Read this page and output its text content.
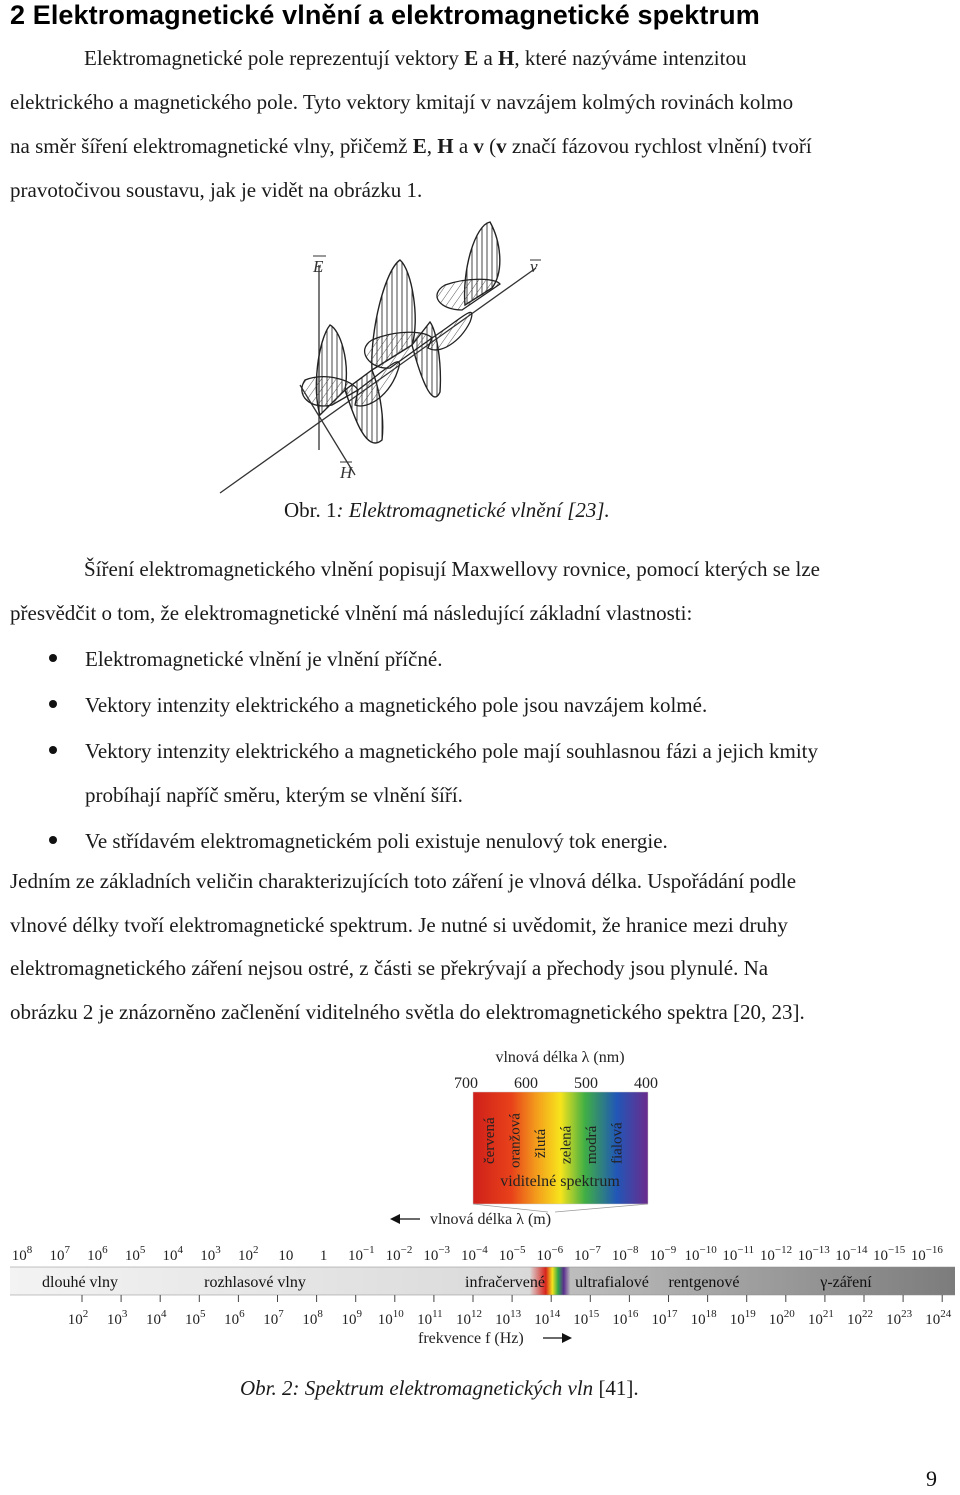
2 Elektromagnetické vlnění a elektromagnetické spektrum
Elektromagnetické pole reprezentují vektory E a H, které nazýváme intenzitou
elektrického a magnetického pole. Tyto vektory kmitají v navzájem kolmých rovinách kolmo
na směr šíření elektromagnetické vlny, přičemž E, H a v (v značí fázovou rychlost vlnění) tvoří
pravotočivou soustavu, jak je vidět na obrázku 1.
E	v
H
Obr. 1: Elektromagnetické vlnění [23].
Šíření elektromagnetického vlnění popisují Maxwellovy rovnice, pomocí kterých se lze
přesvědčit o tom, že elektromagnetické vlnění má následující základní vlastnosti:
Elektromagnetické vlnění je vlnění příčné.
Vektory intenzity elektrického a magnetického pole jsou navzájem kolmé.
Vektory intenzity elektrického a magnetického pole mají souhlasnou fázi a jejich kmity
probíhají napříč směru, kterým se vlnění šíří.
Ve střídavém elektromagnetickém poli existuje nenulový tok energie.
Jedním ze základních veličin charakterizujících toto záření je vlnová délka. Uspořádání podle
vlnové délky tvoří elektromagnetické spektrum. Je nutné si uvědomit, že hranice mezi druhy
elektromagnetického záření nejsou ostré, z části se překrývají a přechody jsou plynulé. Na
obrázku 2 je znázorněno začlenění viditelného světla do elektromagnetického spektra [20, 23].
vlnová délka λ (nm)
700 600 500 400
červená oranžová žlutá zelená modrá fialová
viditelné spektrum
vlnová délka λ (m)
$10^8$ $10^7$ $10^6$ $10^5$ $10^4$ $10^3$ $10^2$ 10 1 $10^{-1}$ $10^{-2}$ $10^{-3}$ $10^{-4}$ $10^{-5}$ $10^{-6}$ $10^{-7}$ $10^{-8}$ $10^{-9}$ $10^{-10}$ $10^{-11}$ $10^{-12}$ $10^{-13}$ $10^{-14}$ $10^{-15}$ $10^{-16}$
dlouhé vlny	rozhlasové vlny	infračervené ultrafialové rentgenové	γ-záření
$10^2$ $10^3$ $10^4$ $10^5$ $10^6$ $10^7$ $10^8$ $10^9$ $10^{10}$ $10^{11}$ $10^{12}$ $10^{13}$ $10^{14}$ $10^{15}$ $10^{16}$ $10^{17}$ $10^{18}$ $10^{19}$ $10^{20}$ $10^{21}$ $10^{22}$ $10^{23}$ $10^{24}$
frekvence f (Hz)
Obr. 2: Spektrum elektromagnetických vln [41].
9
